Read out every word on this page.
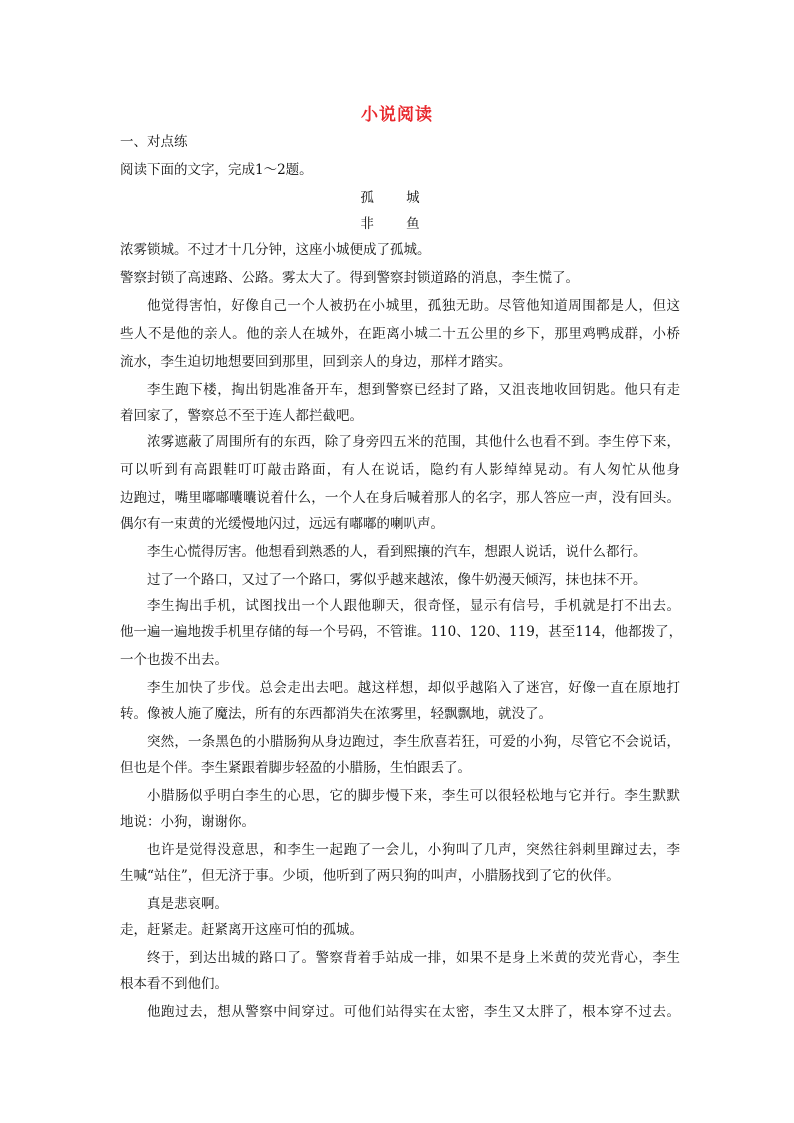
小说阅读
一、对点练
阅读下面的文字，完成1～2题。
孤 城
非 鱼
浓雾锁城。不过才十几分钟，这座小城便成了孤城。
警察封锁了高速路、公路。雾太大了。得到警察封锁道路的消息，李生慌了。
他觉得害怕，好像自己一个人被扔在小城里，孤独无助。尽管他知道周围都是人，但这
些人不是他的亲人。他的亲人在城外，在距离小城二十五公里的乡下，那里鸡鸭成群，小桥
流水，李生迫切地想要回到那里，回到亲人的身边，那样才踏实。
李生跑下楼，掏出钥匙准备开车，想到警察已经封了路，又沮丧地收回钥匙。他只有走
着回家了，警察总不至于连人都拦截吧。
浓雾遮蔽了周围所有的东西，除了身旁四五米的范围，其他什么也看不到。李生停下来，
可以听到有高跟鞋叮叮敲击路面，有人在说话，隐约有人影绰绰晃动。有人匆忙从他身
边跑过，嘴里嘟嘟囔囔说着什么，一个人在身后喊着那人的名字，那人答应一声，没有回头。
偶尔有一束黄的光缓慢地闪过，远远有嘟嘟的喇叭声。
李生心慌得厉害。他想看到熟悉的人，看到熙攘的汽车，想跟人说话，说什么都行。
过了一个路口，又过了一个路口，雾似乎越来越浓，像牛奶漫天倾泻，抹也抹不开。
李生掏出手机，试图找出一个人跟他聊天，很奇怪，显示有信号，手机就是打不出去。
他一遍一遍地拨手机里存储的每一个号码，不管谁。110、120、119，甚至114，他都拨了，
一个也拨不出去。
李生加快了步伐。总会走出去吧。越这样想，却似乎越陷入了迷宫，好像一直在原地打
转。像被人施了魔法，所有的东西都消失在浓雾里，轻飘飘地，就没了。
突然，一条黑色的小腊肠狗从身边跑过，李生欣喜若狂，可爱的小狗，尽管它不会说话，
但也是个伴。李生紧跟着脚步轻盈的小腊肠，生怕跟丢了。
小腊肠似乎明白李生的心思，它的脚步慢下来，李生可以很轻松地与它并行。李生默默
地说：小狗，谢谢你。
也许是觉得没意思，和李生一起跑了一会儿，小狗叫了几声，突然往斜刺里蹿过去，李
生喊“站住”，但无济于事。少顷，他听到了两只狗的叫声，小腊肠找到了它的伙伴。
真是悲哀啊。
走，赶紧走。赶紧离开这座可怕的孤城。
终于，到达出城的路口了。警察背着手站成一排，如果不是身上米黄的荧光背心，李生
根本看不到他们。
他跑过去，想从警察中间穿过。可他们站得实在太密，李生又太胖了，根本穿不过去。
